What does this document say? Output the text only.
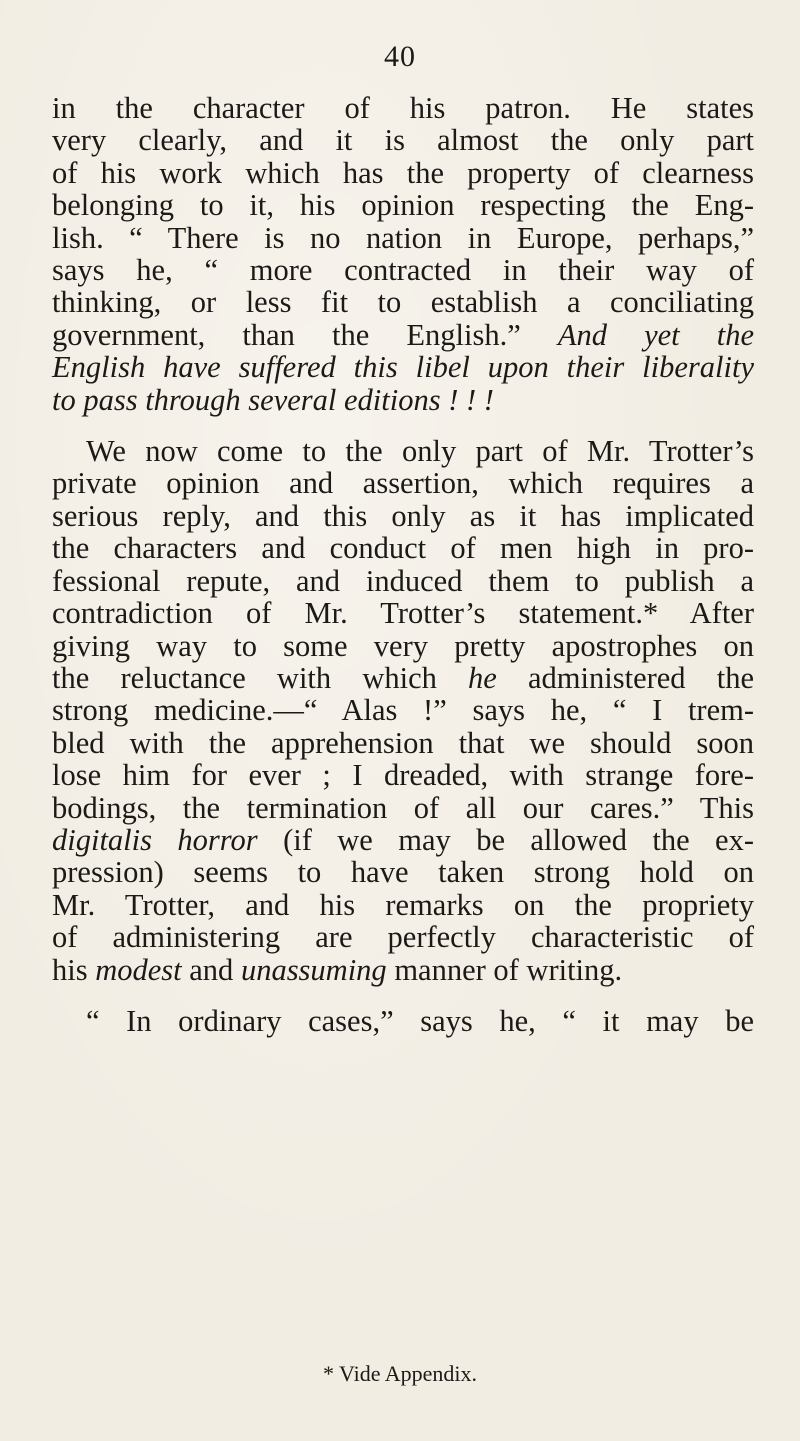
40
in the character of his patron. He states
very clearly, and it is almost the only part
of his work which has the property of clearness
belonging to it, his opinion respecting the Eng-
lish. “ There is no nation in Europe, perhaps,”
says he, “ more contracted in their way of
thinking, or less fit to establish a conciliating
government, than the English.” And yet the
English have suffered this libel upon their liberality
to pass through several editions ! ! !
We now come to the only part of Mr. Trotter’s
private opinion and assertion, which requires a
serious reply, and this only as it has implicated
the characters and conduct of men high in pro-
fessional repute, and induced them to publish a
contradiction of Mr. Trotter’s statement.* After
giving way to some very pretty apostrophes on
the reluctance with which he administered the
strong medicine.—“ Alas !” says he, “ I trem-
bled with the apprehension that we should soon
lose him for ever ; I dreaded, with strange fore-
bodings, the termination of all our cares.” This
digitalis horror (if we may be allowed the ex-
pression) seems to have taken strong hold on
Mr. Trotter, and his remarks on the propriety
of administering are perfectly characteristic of
his modest and unassuming manner of writing.
“ In ordinary cases,” says he, “ it may be
* Vide Appendix.
